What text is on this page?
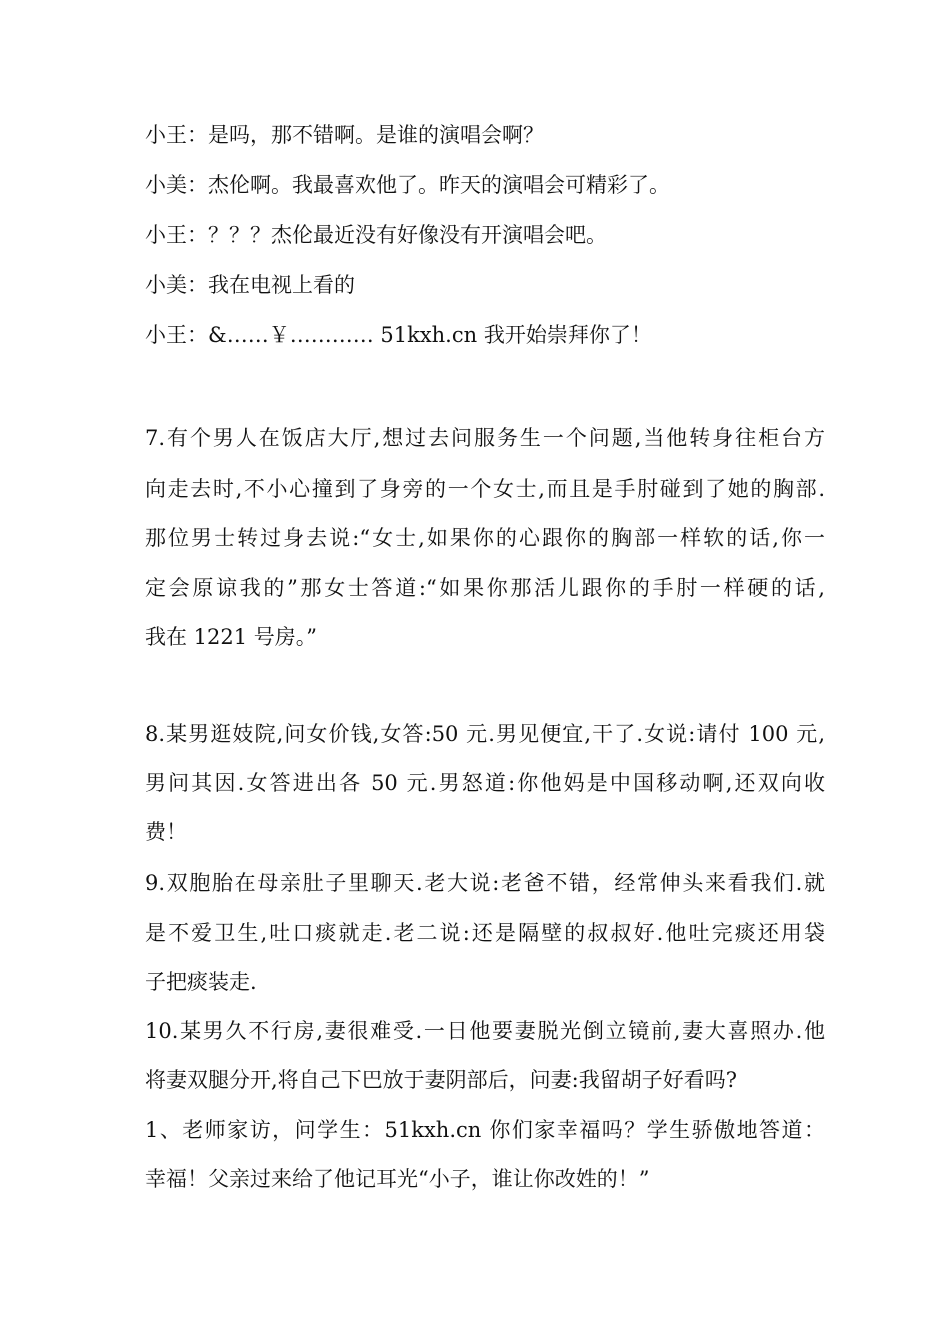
小王：是吗，那不错啊。是谁的演唱会啊？
小美：杰伦啊。我最喜欢他了。昨天的演唱会可精彩了。
小王：？？？杰伦最近没有好像没有开演唱会吧。
小美：我在电视上看的
小王：&……￥………… 51kxh.cn 我开始崇拜你了！
7.有个男人在饭店大厅,想过去问服务生一个问题,当他转身往柜台方
向走去时,不小心撞到了身旁的一个女士,而且是手肘碰到了她的胸部.
那位男士转过身去说:“女士,如果你的心跟你的胸部一样软的话,你一
定会原谅我的”那女士答道:“如果你那活儿跟你的手肘一样硬的话,
我在 1221 号房。”
8.某男逛妓院,问女价钱,女答:50 元.男见便宜,干了.女说:请付 100 元,
男问其因.女答进出各 50 元.男怒道:你他妈是中国移动啊,还双向收
费！
9.双胞胎在母亲肚子里聊天.老大说:老爸不错，经常伸头来看我们.就
是不爱卫生,吐口痰就走.老二说:还是隔壁的叔叔好.他吐完痰还用袋
子把痰装走.
10.某男久不行房,妻很难受.一日他要妻脱光倒立镜前,妻大喜照办.他
将妻双腿分开,将自己下巴放于妻阴部后，问妻:我留胡子好看吗?
1、老师家访，问学生：51kxh.cn 你们家幸福吗？学生骄傲地答道：
幸福！父亲过来给了他记耳光“小子，谁让你改姓的！”
